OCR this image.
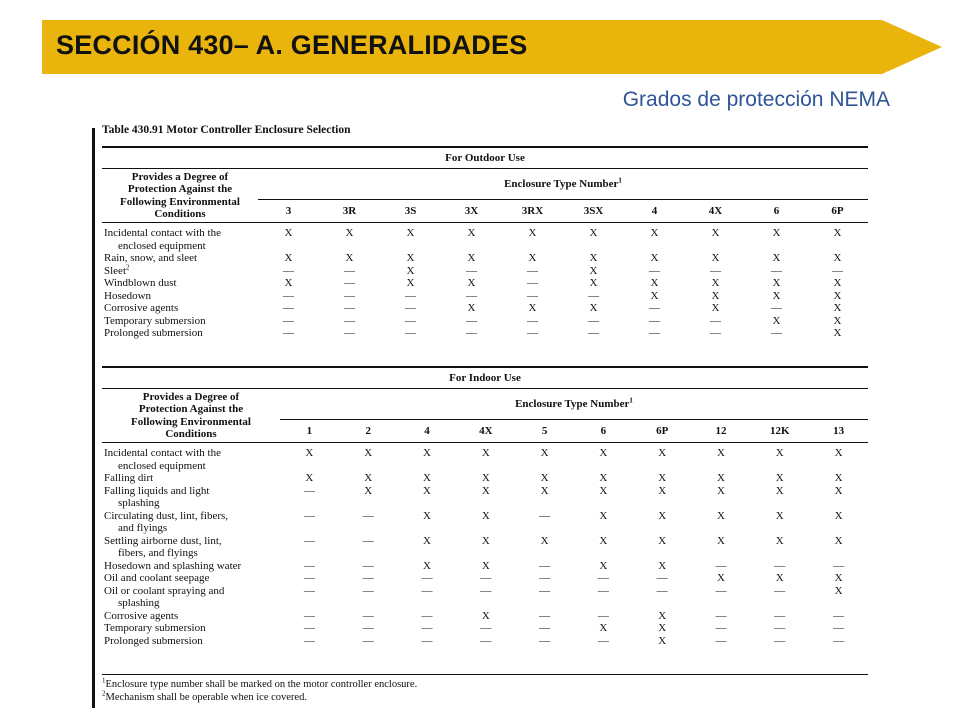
SECCIÓN 430– A. GENERALIDADES
Grados de protección NEMA
Table 430.91 Motor Controller Enclosure Selection
For Outdoor Use										
Provides a Degree of
Protection Against the
Following Environmental
Conditions	Enclosure Type Number$^1$
	3	3R	3S	3X	3RX	3SX	4	4X	6	6P

Incidental contact with the
enclosed equipment	X	X	X	X	X	X	X	X	X	X
Rain, snow, and sleet	X	X	X	X	X	X	X	X	X	X
Sleet$^2$	—	—	X	—	—	X	—	—	—	—
Windblown dust	X	—	X	X	—	X	X	X	X	X
Hosedown	—	—	—	—	—	—	X	X	X	X
Corrosive agents	—	—	—	X	X	X	—	X	—	X
Temporary submersion	—	—	—	—	—	—	—	—	X	X
Prolonged submersion	—	—	—	—	—	—	—	—	—	X
For Indoor Use										
Provides a Degree of
Protection Against the
Following Environmental
Conditions	Enclosure Type Number$^1$
	1	2	4	4X	5	6	6P	12	12K	13

Incidental contact with the
enclosed equipment	X	X	X	X	X	X	X	X	X	X
Falling dirt	X	X	X	X	X	X	X	X	X	X
Falling liquids and light
splashing	—	X	X	X	X	X	X	X	X	X
Circulating dust, lint, fibers,
and flyings	—	—	X	X	—	X	X	X	X	X
Settling airborne dust, lint,
fibers, and flyings	—	—	X	X	X	X	X	X	X	X
Hosedown and splashing water	—	—	X	X	—	X	X	—	—	—
Oil and coolant seepage	—	—	—	—	—	—	—	X	X	X
Oil or coolant spraying and
splashing	—	—	—	—	—	—	—	—	—	X
Corrosive agents	—	—	—	X	—	—	X	—	—	—
Temporary submersion	—	—	—	—	—	X	X	—	—	—
Prolonged submersion	—	—	—	—	—	—	X	—	—	—
$^1$Enclosure type number shall be marked on the motor controller enclosure.
$^2$Mechanism shall be operable when ice covered.
